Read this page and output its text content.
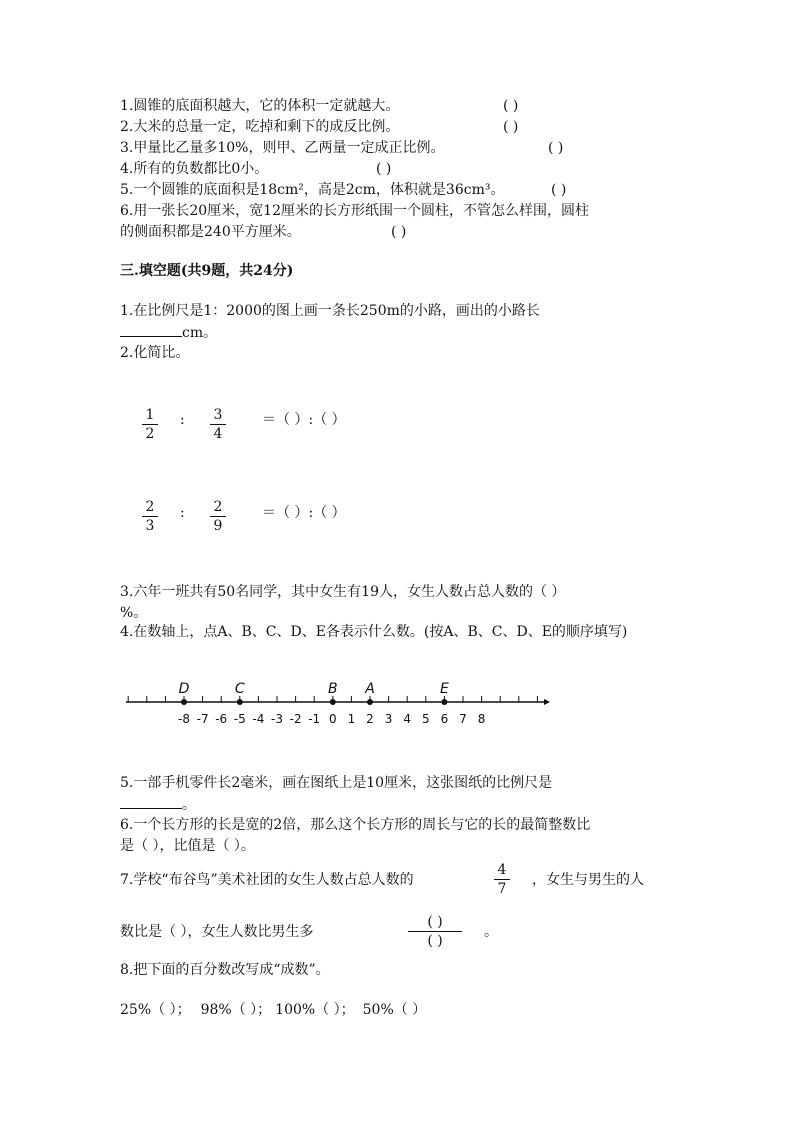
1.圆锥的底面积越大，它的体积一定就越大。	( )
2.大米的总量一定，吃掉和剩下的成反比例。	( )
3.甲量比乙量多10%，则甲、乙两量一定成正比例。	( )
4.所有的负数都比0小。	( )
5.一个圆锥的底面积是18cm²，高是2cm，体积就是36cm³。	( )
6.用一张长20厘米，宽12厘米的长方形纸围一个圆柱，不管怎么样围，圆柱
的侧面积都是240平方厘米。	( )
三.填空题(共9题，共24分)
1.在比例尺是1：2000的图上画一条长250m的小路，画出的小路长
cm。
2.化简比。
1
2
: 3
4
＝（ ）:（ ）
2
3
: 2
9
＝（ ）:（ ）
3.六年一班共有50名同学，其中女生有19人，女生人数占总人数的（ ）
%。
4.在数轴上，点A、B、C、D、E各表示什么数。(按A、B、C、D、E的顺序填写)
D	C	B A	E
-8 -7 -6 -5 -4 -3 -2 -1 0 1 2 3 4 5 6 7 8
5.一部手机零件长2毫米，画在图纸上是10厘米，这张图纸的比例尺是
。
6.一个长方形的长是宽的2倍，那么这个长方形的周长与它的长的最简整数比
是（ ），比值是（ ）。
7.学校“布谷鸟”美术社团的女生人数占总人数的
4
7
，女生与男生的人
数比是（ ），女生人数比男生多
( )
( )
。
8.把下面的百分数改写成“成数”。
25%（ ）； 98%（ ）； 100%（ ）； 50%（ ）
